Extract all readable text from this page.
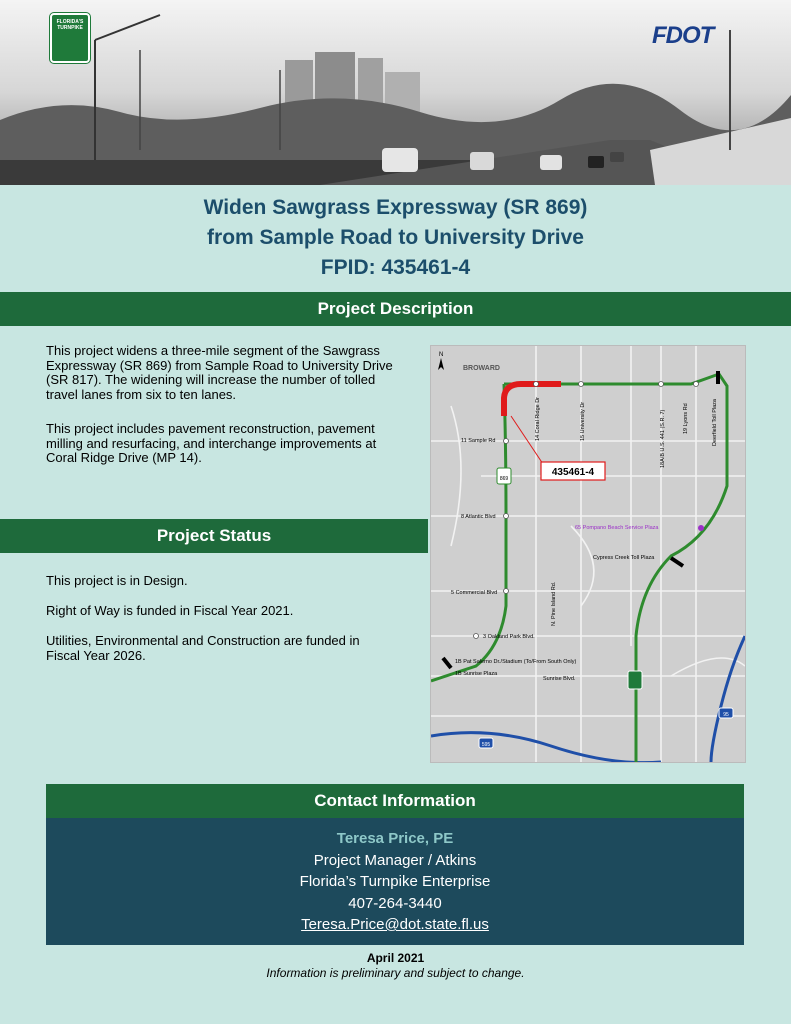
FLORIDA'S TURNPIKE	FDOT
Widen Sawgrass Expressway (SR 869)
from Sample Road to University Drive
FPID: 435461-4
Project Description
This project widens a three-mile segment of the Sawgrass Expressway (SR 869) from Sample Road to University Drive (SR 817). The widening will increase the number of tolled travel lanes from six to ten lanes.
This project includes pavement reconstruction, pavement milling and resurfacing, and interchange improvements at Coral Ridge Drive (MP 14).
Project Status
This project is in Design.
Right of Way is funded in Fiscal Year 2021.
Utilities, Environmental and Construction are funded in Fiscal Year 2026.
869
595
95
N
BROWARD
435461-4
11 Sample Rd
8 Atlantic Blvd
5 Commercial Blvd
3 Oakland Park Blvd.
1B Pat Salerno Dr./Stadium (To/From South Only)
1B Sunrise Plaza
Sunrise Blvd.
Cypress Creek Toll Plaza
65 Pompano Beach Service Plaza
14 Coral Ridge Dr	15 University Dr	18A/B U.S. 441 (S.R. 7)	19 Lyons Rd	Deerfield Toll Plaza
N. Pine Island Rd.
Contact Information
Teresa Price, PE
Project Manager / Atkins
Florida’s Turnpike Enterprise
407-264-3440
Teresa.Price@dot.state.fl.us
April 2021
Information is preliminary and subject to change.
